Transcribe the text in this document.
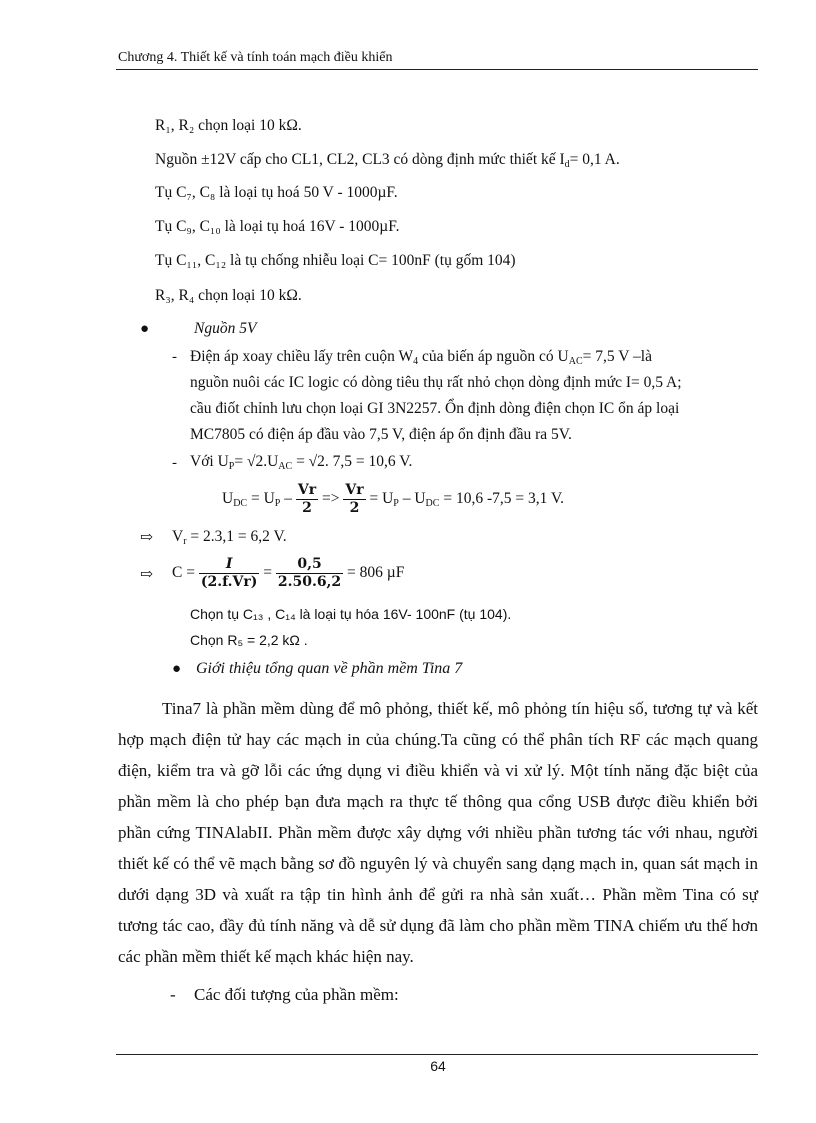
Chương 4. Thiết kế và tính toán mạch điều khiển
R₁, R₂ chọn loại 10 kΩ.
Nguồn ±12V cấp cho CL1, CL2, CL3 có dòng định mức thiết kế $I_d= 0,1$ A.
Tụ C₇, C₈ là loại tụ hoá 50 V - 1000µF.
Tụ C₉, C₁₀ là loại tụ hoá 16V - 1000µF.
Tụ C₁₁, C₁₂ là tụ chống nhiễu loại C= 100nF (tụ gốm 104)
R₃, R₄ chọn loại 10 kΩ.
●	Nguồn 5V
- Điện áp xoay chiều lấy trên cuộn $W_4$ của biến áp nguồn có $U_{AC}= 7,5$ V –là
nguồn nuôi các IC logic có dòng tiêu thụ rất nhỏ chọn dòng định mức I= 0,5 A;
cầu điốt chỉnh lưu chọn loại GI 3N2257. Ổn định dòng điện chọn IC ổn áp loại
MC7805 có điện áp đầu vào 7,5 V, điện áp ổn định đầu ra 5V.
- Với $U_P= √2.U_{AC} = √2$. 7,5 = 10,6 V.
$U_{DC} = U_P - \frac{Vr}{2} => \frac{Vr}{2} = U_P - U_{DC} = 10,6$ -7,5 = 3,1 V.
⇨ $V_r = 2.3,1 = 6,2$ V.
⇨ $C = \frac{I}{(2.f.Vr)} = \frac{0,5}{2.50.6,2} = 806$ µF
Chọn tụ C₁₃ , C₁₄ là loại tụ hóa 16V- 100nF (tụ 104).
Chọn R₅ = 2,2 kΩ .
● Giới thiệu tổng quan về phần mềm Tina 7
Tina7 là phần mềm dùng để mô phỏng, thiết kế, mô phỏng tín hiệu số, tương tự và kết hợp mạch điện tử hay các mạch in của chúng.Ta cũng có thể phân tích RF các mạch quang điện, kiểm tra và gỡ lỗi các ứng dụng vi điều khiển và vi xử lý. Một tính năng đặc biệt của phần mềm là cho phép bạn đưa mạch ra thực tế thông qua cổng USB được điều khiển bởi phần cứng TINAlabII. Phần mềm được xây dựng với nhiều phần tương tác với nhau, người thiết kế có thể vẽ mạch bằng sơ đồ nguyên lý và chuyển sang dạng mạch in, quan sát mạch in dưới dạng 3D và xuất ra tập tin hình ảnh để gửi ra nhà sản xuất… Phần mềm Tina có sự tương tác cao, đầy đủ tính năng và dễ sử dụng đã làm cho phần mềm TINA chiếm ưu thế hơn các phần mềm thiết kế mạch khác hiện nay.
- Các đối tượng của phần mềm:
64
